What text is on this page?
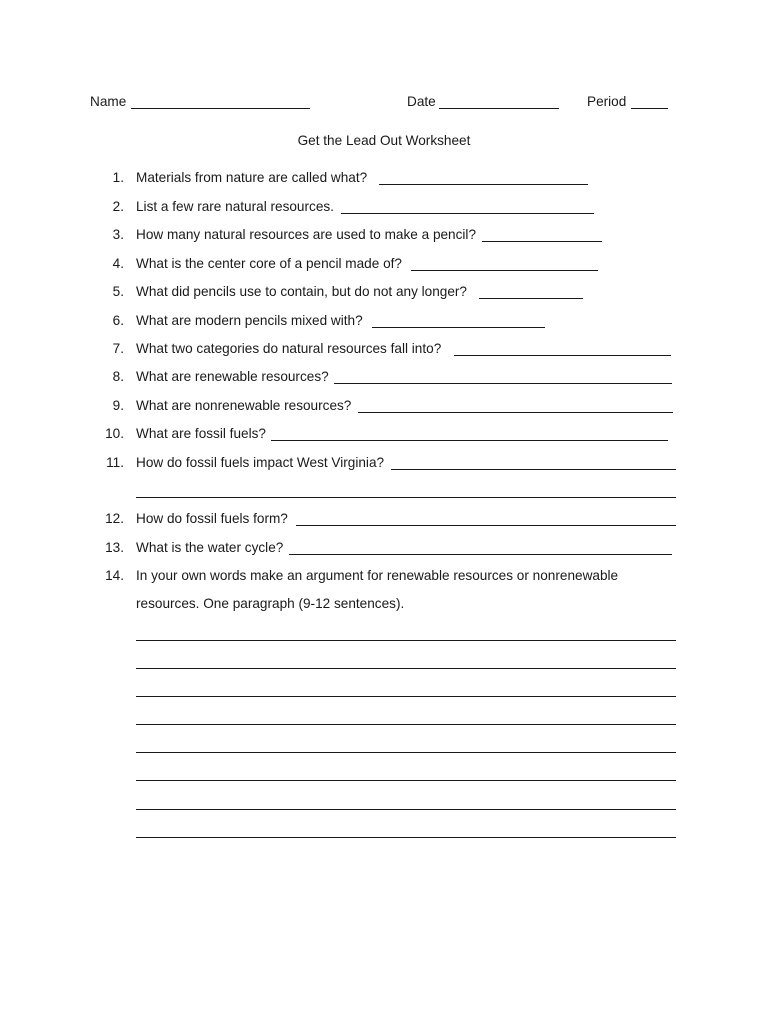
Name	Date	Period
Get the Lead Out Worksheet
1. Materials from nature are called what?
2. List a few rare natural resources.
3. How many natural resources are used to make a pencil?
4. What is the center core of a pencil made of?
5. What did pencils use to contain, but do not any longer?
6. What are modern pencils mixed with?
7. What two categories do natural resources fall into?
8. What are renewable resources?
9. What are nonrenewable resources?
10. What are fossil fuels?
11. How do fossil fuels impact West Virginia?
12. How do fossil fuels form?
13. What is the water cycle?
14. In your own words make an argument for renewable resources or nonrenewable
resources. One paragraph (9-12 sentences).
